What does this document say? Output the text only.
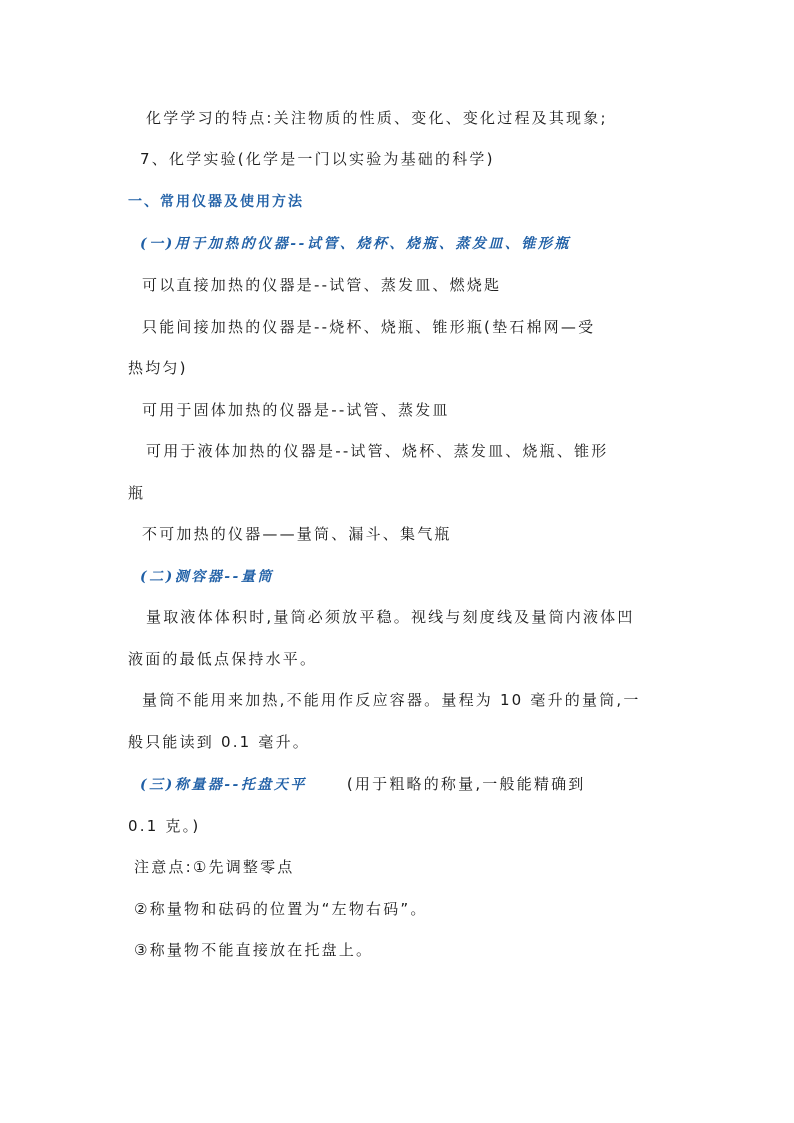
化学学习的特点:关注物质的性质、变化、变化过程及其现象;
7、化学实验(化学是一门以实验为基础的科学)
一、常用仪器及使用方法
(一)用于加热的仪器--试管、烧杯、烧瓶、蒸发皿、锥形瓶
可以直接加热的仪器是--试管、蒸发皿、燃烧匙
只能间接加热的仪器是--烧杯、烧瓶、锥形瓶(垫石棉网—受
热均匀)
可用于固体加热的仪器是--试管、蒸发皿
可用于液体加热的仪器是--试管、烧杯、蒸发皿、烧瓶、锥形
瓶
不可加热的仪器——量筒、漏斗、集气瓶
(二)测容器--量筒
量取液体体积时,量筒必须放平稳。视线与刻度线及量筒内液体凹
液面的最低点保持水平。
量筒不能用来加热,不能用作反应容器。量程为 10 毫升的量筒,一
般只能读到 0.1 毫升。
(三)称量器--托盘天平	(用于粗略的称量,一般能精确到
0.1 克。)
注意点:①先调整零点
②称量物和砝码的位置为“左物右码”。
③称量物不能直接放在托盘上。
